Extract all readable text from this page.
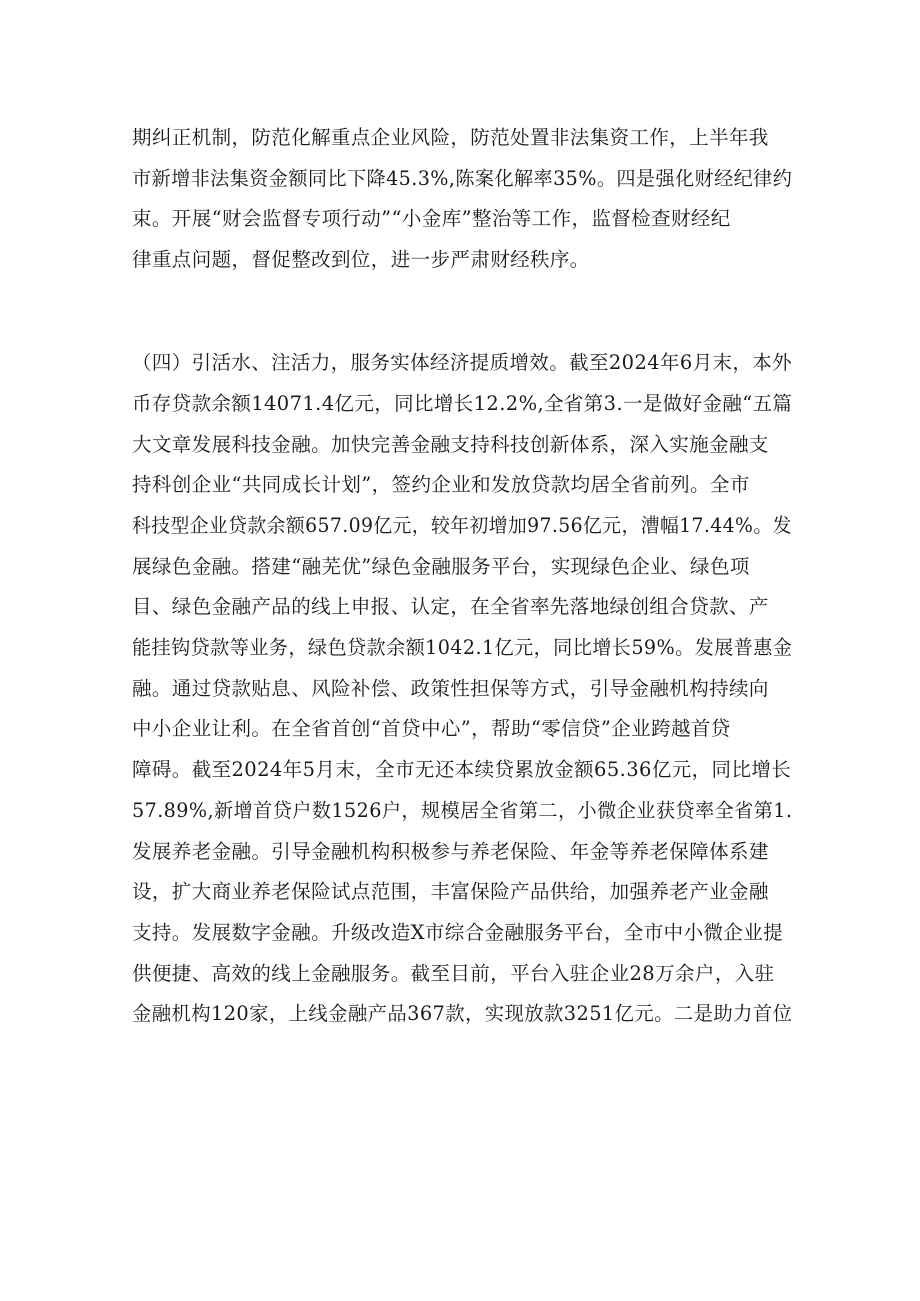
期纠正机制，防范化解重点企业风险，防范处置非法集资工作，上半年我
市新增非法集资金额同比下降45.3%,陈案化解率35%。四是强化财经纪律约
束。开展“财会监督专项行动”“小金库”整治等工作，监督检查财经纪
律重点问题，督促整改到位，进一步严肃财经秩序。
（四）引活水、注活力，服务实体经济提质增效。截至2024年6月末，本外
币存贷款余额14071.4亿元，同比增长12.2%,全省第3.一是做好金融“五篇
大文章发展科技金融。加快完善金融支持科技创新体系，深入实施金融支
持科创企业“共同成长计划”，签约企业和发放贷款均居全省前列。全市
科技型企业贷款余额657.09亿元，较年初增加97.56亿元，漕幅17.44%。发
展绿色金融。搭建“融芜优”绿色金融服务平台，实现绿色企业、绿色项
目、绿色金融产品的线上申报、认定，在全省率先落地绿创组合贷款、产
能挂钩贷款等业务，绿色贷款余额1042.1亿元，同比增长59%。发展普惠金
融。通过贷款贴息、风险补偿、政策性担保等方式，引导金融机构持续向
中小企业让利。在全省首创“首贷中心”，帮助“零信贷”企业跨越首贷
障碍。截至2024年5月末，全市无还本续贷累放金额65.36亿元，同比增长
57.89%,新增首贷户数1526户，规模居全省第二，小微企业获贷率全省第1.
发展养老金融。引导金融机构积极参与养老保险、年金等养老保障体系建
设，扩大商业养老保险试点范围，丰富保险产品供给，加强养老产业金融
支持。发展数字金融。升级改造X市综合金融服务平台，全市中小微企业提
供便捷、高效的线上金融服务。截至目前，平台入驻企业28万余户，入驻
金融机构120家，上线金融产品367款，实现放款3251亿元。二是助力首位
